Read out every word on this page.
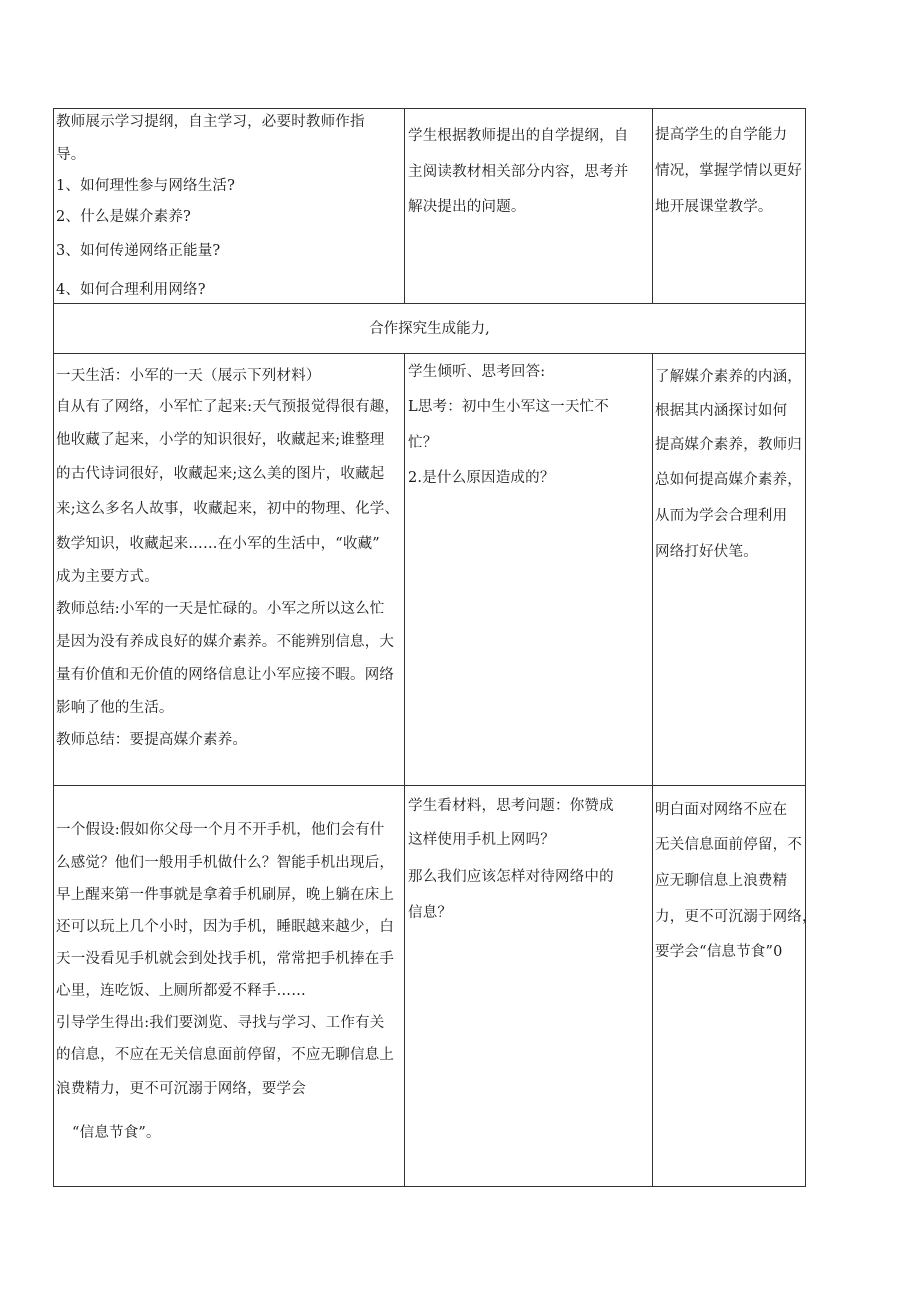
教师展示学习提纲，自主学习，必要时教师作指
导。
1、如何理性参与网络生活?
2、什么是媒介素养?
3、如何传递网络正能量?
4、如何合理利用网络?
学生根据教师提出的自学提纲，自
主阅读教材相关部分内容，思考并
解决提出的问题。
提高学生的自学能力
情况，掌握学情以更好
地开展课堂教学。
合作探究生成能力,
一天生活：小军的一天（展示下列材料）
自从有了网络，小军忙了起来:天气预报觉得很有趣，
他收藏了起来，小学的知识很好，收藏起来;谁整理
的古代诗词很好，收藏起来;这么美的图片，收藏起
来;这么多名人故事，收藏起来，初中的物理、化学、
数学知识，收藏起来……在小军的生活中，“收藏”
成为主要方式。
教师总结:小军的一天是忙碌的。小军之所以这么忙
是因为没有养成良好的媒介素养。不能辨别信息，大
量有价值和无价值的网络信息让小军应接不暇。网络
影响了他的生活。
教师总结：要提高媒介素养。
学生倾听、思考回答:
L思考：初中生小军这一天忙不
忙？
2.是什么原因造成的？
了解媒介素养的内涵，
根据其内涵探讨如何
提高媒介素养，教师归
总如何提高媒介素养，
从而为学会合理利用
网络打好伏笔。
一个假设:假如你父母一个月不开手机，他们会有什
么感觉？他们一般用手机做什么？智能手机出现后，
早上醒来第一件事就是拿着手机刷屏，晚上躺在床上
还可以玩上几个小时，因为手机，睡眠越来越少，白
天一没看见手机就会到处找手机，常常把手机捧在手
心里，连吃饭、上厕所都爱不释手……
引导学生得出:我们要浏览、寻找与学习、工作有关
的信息，不应在无关信息面前停留，不应无聊信息上
浪费精力，更不可沉溺于网络，要学会
“信息节食”。
学生看材料，思考问题：你赞成
这样使用手机上网吗？
那么我们应该怎样对待网络中的
信息？
明白面对网络不应在
无关信息面前停留，不
应无聊信息上浪费精
力，更不可沉溺于网络，
要学会“信息节食”0
